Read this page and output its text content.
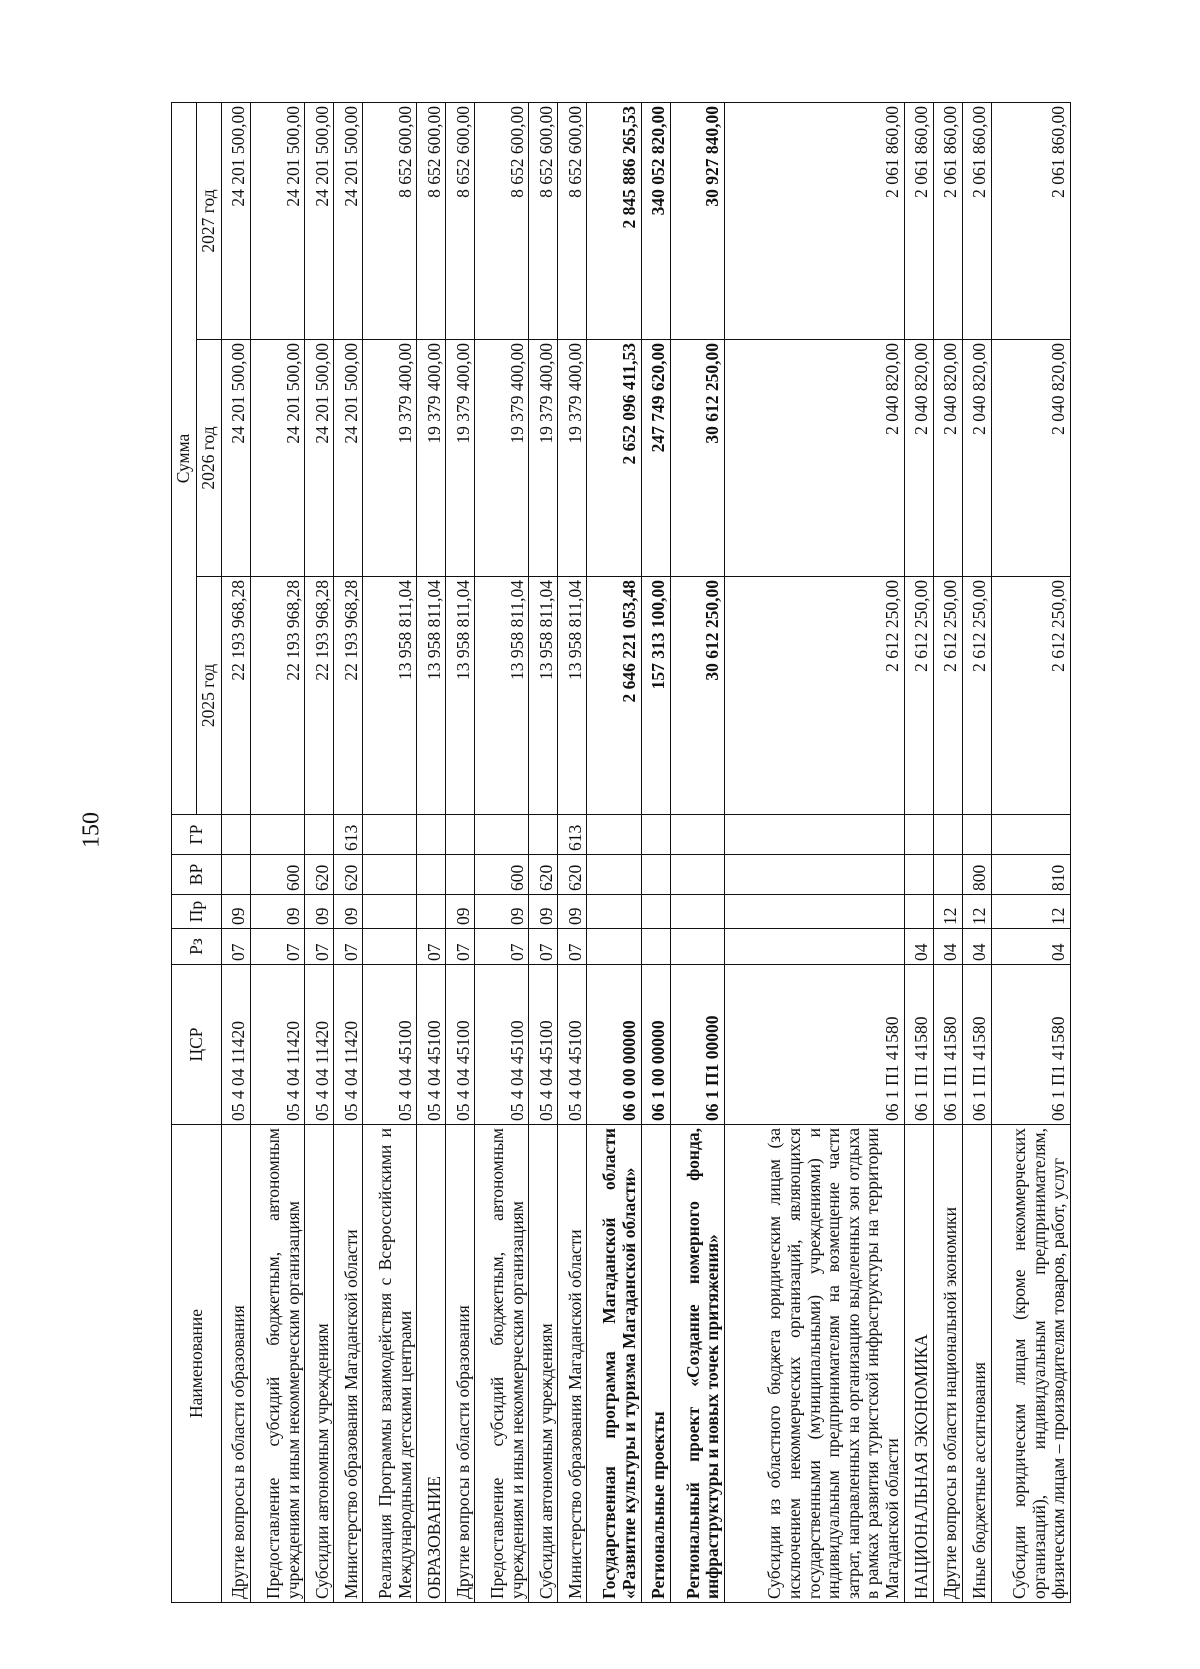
150
Наименование	ЦСР	Рз	Пр	ВР	ГР	Сумма		
						2025 год	2026 год	2027 год
Другие вопросы в области образования	05 4 04 11420	07	09			22 193 968,28	24 201 500,00	24 201 500,00
Предоставление субсидий бюджетным, автономным учреждениям и иным некоммерческим организациям	05 4 04 11420	07	09	600		22 193 968,28	24 201 500,00	24 201 500,00
Субсидии автономным учреждениям	05 4 04 11420	07	09	620		22 193 968,28	24 201 500,00	24 201 500,00
Министерство образования Магаданской области	05 4 04 11420	07	09	620	613	22 193 968,28	24 201 500,00	24 201 500,00
Реализация Программы взаимодействия с Всероссийскими и Международными детскими центрами	05 4 04 45100					13 958 811,04	19 379 400,00	8 652 600,00
ОБРАЗОВАНИЕ	05 4 04 45100	07				13 958 811,04	19 379 400,00	8 652 600,00
Другие вопросы в области образования	05 4 04 45100	07	09			13 958 811,04	19 379 400,00	8 652 600,00
Предоставление субсидий бюджетным, автономным учреждениям и иным некоммерческим организациям	05 4 04 45100	07	09	600		13 958 811,04	19 379 400,00	8 652 600,00
Субсидии автономным учреждениям	05 4 04 45100	07	09	620		13 958 811,04	19 379 400,00	8 652 600,00
Министерство образования Магаданской области	05 4 04 45100	07	09	620	613	13 958 811,04	19 379 400,00	8 652 600,00
Государственная программа Магаданской области «Развитие культуры и туризма Магаданской области»	06 0 00 00000					2 646 221 053,48	2 652 096 411,53	2 845 886 265,53
Региональные проекты	06 1 00 00000					157 313 100,00	247 749 620,00	340 052 820,00
Региональный проект «Создание номерного фонда, инфраструктуры и новых точек притяжения»	06 1 П1 00000					30 612 250,00	30 612 250,00	30 927 840,00
Субсидии из областного бюджета юридическим лицам (за исключением некоммерческих организаций, являющихся государственными (муниципальными) учреждениями) и индивидуальным предпринимателям на возмещение части затрат, направленных на организацию выделенных зон отдыха в рамках развития туристской инфраструктуры на территории Магаданской области	06 1 П1 41580					2 612 250,00	2 040 820,00	2 061 860,00
НАЦИОНАЛЬНАЯ ЭКОНОМИКА	06 1 П1 41580	04				2 612 250,00	2 040 820,00	2 061 860,00
Другие вопросы в области национальной экономики	06 1 П1 41580	04	12			2 612 250,00	2 040 820,00	2 061 860,00
Иные бюджетные ассигнования	06 1 П1 41580	04	12	800		2 612 250,00	2 040 820,00	2 061 860,00
Субсидии юридическим лицам (кроме некоммерческих организаций), индивидуальным предпринимателям, физическим лицам – производителям товаров, работ, услуг	06 1 П1 41580	04	12	810		2 612 250,00	2 040 820,00	2 061 860,00
